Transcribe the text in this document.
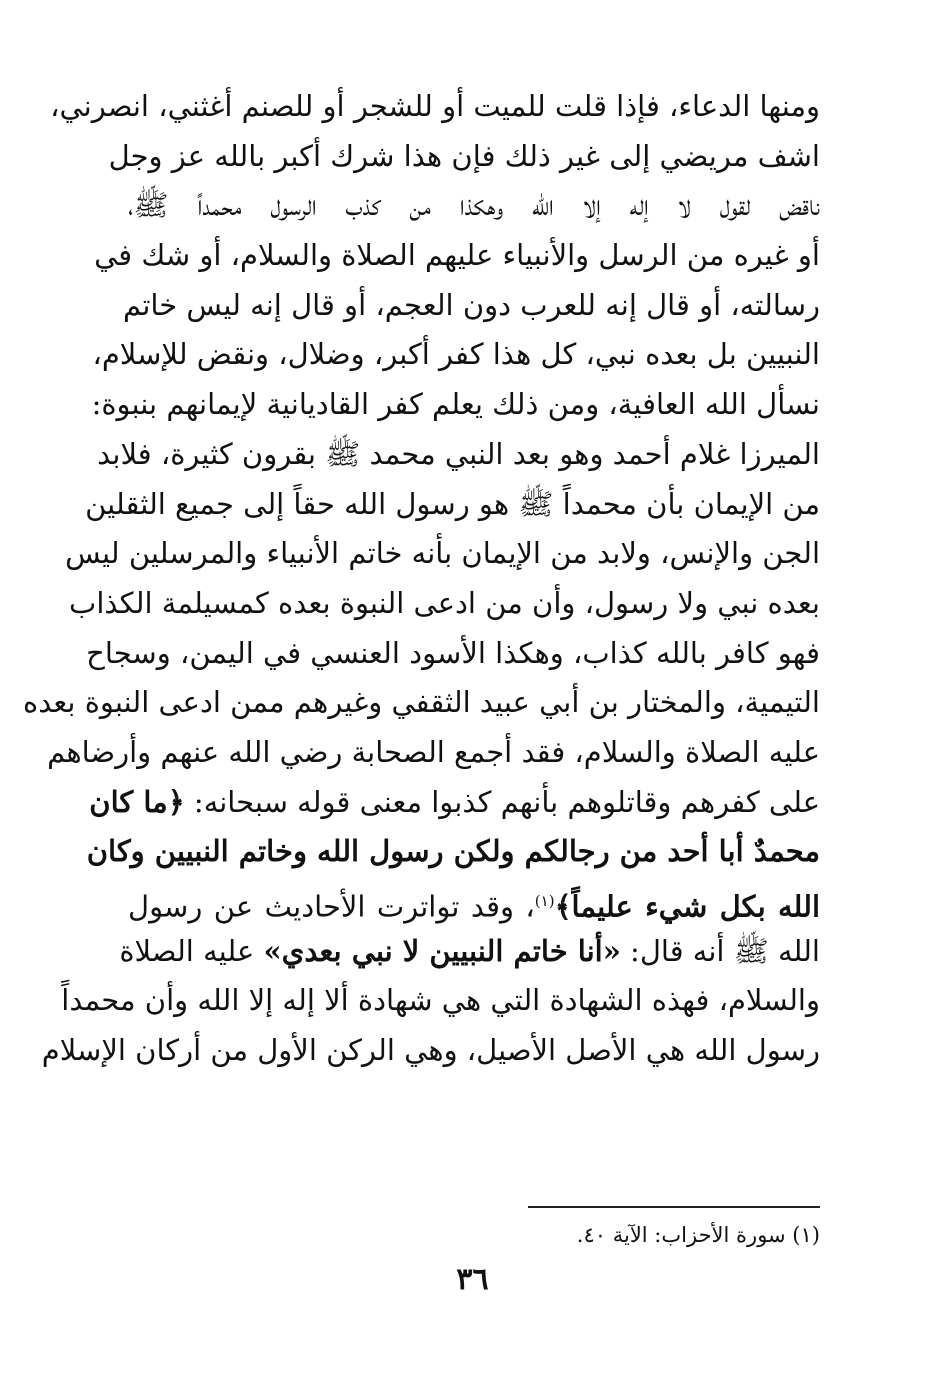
ومنها الدعاء، فإذا قلت للميت أو للشجر أو للصنم أغثني، انصرني،
اشف مريضي إلى غير ذلك فإن هذا شرك أكبر بالله عز وجل
ناقض لقول لا إله إلا الله وهكذا من كذب الرسول محمداً ﷺ،
أو غيره من الرسل والأنبياء عليهم الصلاة والسلام، أو شك في
رسالته، أو قال إنه للعرب دون العجم، أو قال إنه ليس خاتم
النبيين بل بعده نبي، كل هذا كفر أكبر، وضلال، ونقض للإسلام،
نسأل الله العافية، ومن ذلك يعلم كفر القاديانية لإيمانهم بنبوة:
الميرزا غلام أحمد وهو بعد النبي محمد ﷺ بقرون كثيرة، فلابد
من الإيمان بأن محمداً ﷺ هو رسول الله حقاً إلى جميع الثقلين
الجن والإنس، ولابد من الإيمان بأنه خاتم الأنبياء والمرسلين ليس
بعده نبي ولا رسول، وأن من ادعى النبوة بعده كمسيلمة الكذاب
فهو كافر بالله كذاب، وهكذا الأسود العنسي في اليمن، وسجاح
التيمية، والمختار بن أبي عبيد الثقفي وغيرهم ممن ادعى النبوة بعده
عليه الصلاة والسلام، فقد أجمع الصحابة رضي الله عنهم وأرضاهم
على كفرهم وقاتلوهم بأنهم كذبوا معنى قوله سبحانه: ﴿ما كان
محمدٌ أبا أحد من رجالكم ولكن رسول الله وخاتم النبيين وكان
الله بكل شيء عليماً﴾$^{(١)}$، وقد تواترت الأحاديث عن رسول
الله ﷺ أنه قال: «أنا خاتم النبيين لا نبي بعدي» عليه الصلاة
والسلام، فهذه الشهادة التي هي شهادة ألا إله إلا الله وأن محمداً
رسول الله هي الأصل الأصيل، وهي الركن الأول من أركان الإسلام
(١) سورة الأحزاب: الآية ٤٠.
٣٦
